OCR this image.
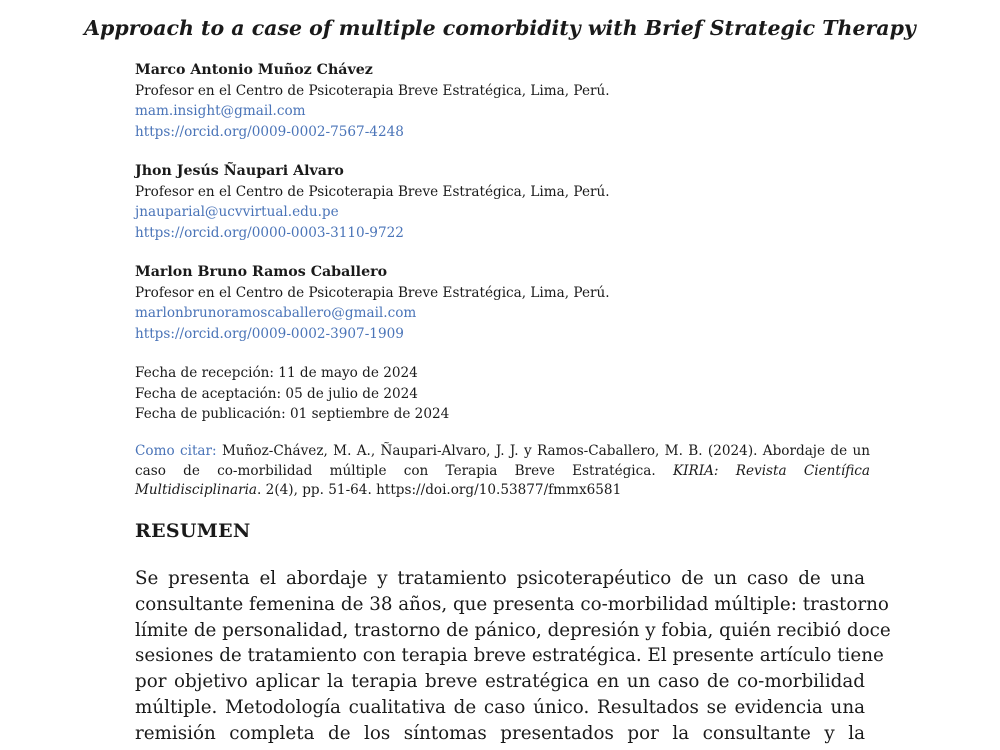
Approach to a case of multiple comorbidity with Brief Strategic Therapy
Marco Antonio Muñoz Chávez
Profesor en el Centro de Psicoterapia Breve Estratégica, Lima, Perú.
mam.insight@gmail.com
https://orcid.org/0009-0002-7567-4248
Jhon Jesús Ñaupari Alvaro
Profesor en el Centro de Psicoterapia Breve Estratégica, Lima, Perú.
jnauparial@ucvvirtual.edu.pe
https://orcid.org/0000-0003-3110-9722
Marlon Bruno Ramos Caballero
Profesor en el Centro de Psicoterapia Breve Estratégica, Lima, Perú.
marlonbrunoramoscaballero@gmail.com
https://orcid.org/0009-0002-3907-1909
Fecha de recepción: 11 de mayo de 2024
Fecha de aceptación: 05 de julio de 2024
Fecha de publicación: 01 septiembre de 2024
Como citar: Muñoz-Chávez, M. A., Ñaupari-Alvaro, J. J. y Ramos-Caballero, M. B. (2024). Abordaje de un caso de co-morbilidad múltiple con Terapia Breve Estratégica. KIRIA: Revista Científica Multidisciplinaria. 2(4), pp. 51-64. https://doi.org/10.53877/fmmx6581
RESUMEN
Se presenta el abordaje y tratamiento psicoterapéutico de un caso de una
consultante femenina de 38 años, que presenta co-morbilidad múltiple: trastorno
límite de personalidad, trastorno de pánico, depresión y fobia, quién recibió doce
sesiones de tratamiento con terapia breve estratégica. El presente artículo tiene
por objetivo aplicar la terapia breve estratégica en un caso de co-morbilidad
múltiple. Metodología cualitativa de caso único. Resultados se evidencia una
remisión completa de los síntomas presentados por la consultante y la
